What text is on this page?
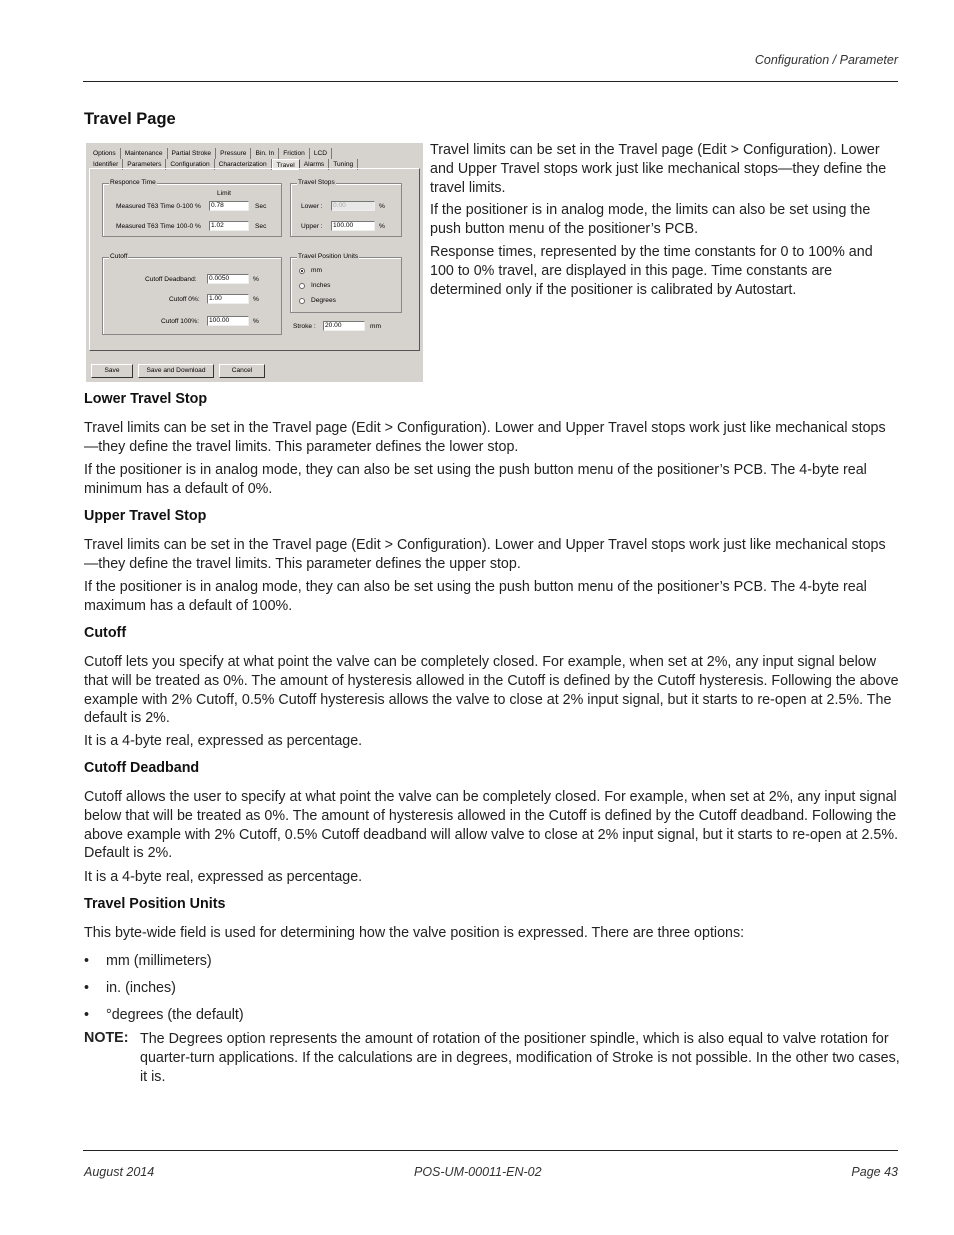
Configuration / Parameter
Travel Page
Options	Maintenance	Partial Stroke	Pressure	Bin. In	Friction	LCD
Identifier	Parameters	Configuration	Characterization	Travel	Alarms	Tuning
Responce Time
Limit
Measured T63 Time 0-100 %	0.78	Sec
Measured T63 Time 100-0 %	1.02	Sec
Travel Stops
Lower :	0.00	%
Upper :	100.00	%
Cutoff
Cutoff Deadband:	0.0050	%
Cutoff 0%:	1.00	%
Cutoff 100%:	100.00	%
Travel Position Units
mm
Inches
Degrees
Stroke :	20.00	mm
Save	Save and Download	Cancel

Travel limits can be set in the Travel page (Edit > Configuration). Lower and Upper Travel stops work just like mechanical stops—they define the travel limits.

If the positioner is in analog mode, the limits can also be set using the push button menu of the positioner’s PCB.

Response times, represented by the time constants for 0 to 100% and 100 to 0% travel, are displayed in this page. Time constants are determined only if the positioner is calibrated by Autostart.

Lower Travel Stop

Travel limits can be set in the Travel page (Edit > Configuration). Lower and Upper Travel stops work just like mechanical stops—they define the travel limits. This parameter defines the lower stop.

If the positioner is in analog mode, they can also be set using the push button menu of the positioner’s PCB. The 4-byte real minimum has a default of 0%.

Upper Travel Stop

Travel limits can be set in the Travel page (Edit > Configuration). Lower and Upper Travel stops work just like mechanical stops—they define the travel limits. This parameter defines the upper stop.

If the positioner is in analog mode, they can also be set using the push button menu of the positioner’s PCB. The 4-byte real maximum has a default of 100%.

Cutoff

Cutoff lets you specify at what point the valve can be completely closed. For example, when set at 2%, any input signal below that will be treated as 0%. The amount of hysteresis allowed in the Cutoff is defined by the Cutoff hysteresis. Following the above example with 2% Cutoff, 0.5% Cutoff hysteresis allows the valve to close at 2% input signal, but it starts to re-open at 2.5%. The default is 2%.

It is a 4-byte real, expressed as percentage.

Cutoff Deadband

Cutoff allows the user to specify at what point the valve can be completely closed. For example, when set at 2%, any input signal below that will be treated as 0%. The amount of hysteresis allowed in the Cutoff is defined by the Cutoff deadband. Following the above example with 2% Cutoff, 0.5% Cutoff deadband will allow valve to close at 2% input signal, but it starts to re-open at 2.5%. Default is 2%.

It is a 4-byte real, expressed as percentage.

Travel Position Units

This byte-wide field is used for determining how the valve position is expressed. There are three options:

• mm (millimeters)
• in. (inches)
• °degrees (the default)
NOTE: The Degrees option represents the amount of rotation of the positioner spindle, which is also equal to valve rotation for quarter-turn applications. If the calculations are in degrees, modification of Stroke is not possible. In the other two cases, it is.

August 2014	POS-UM-00011-EN-02	Page 43
